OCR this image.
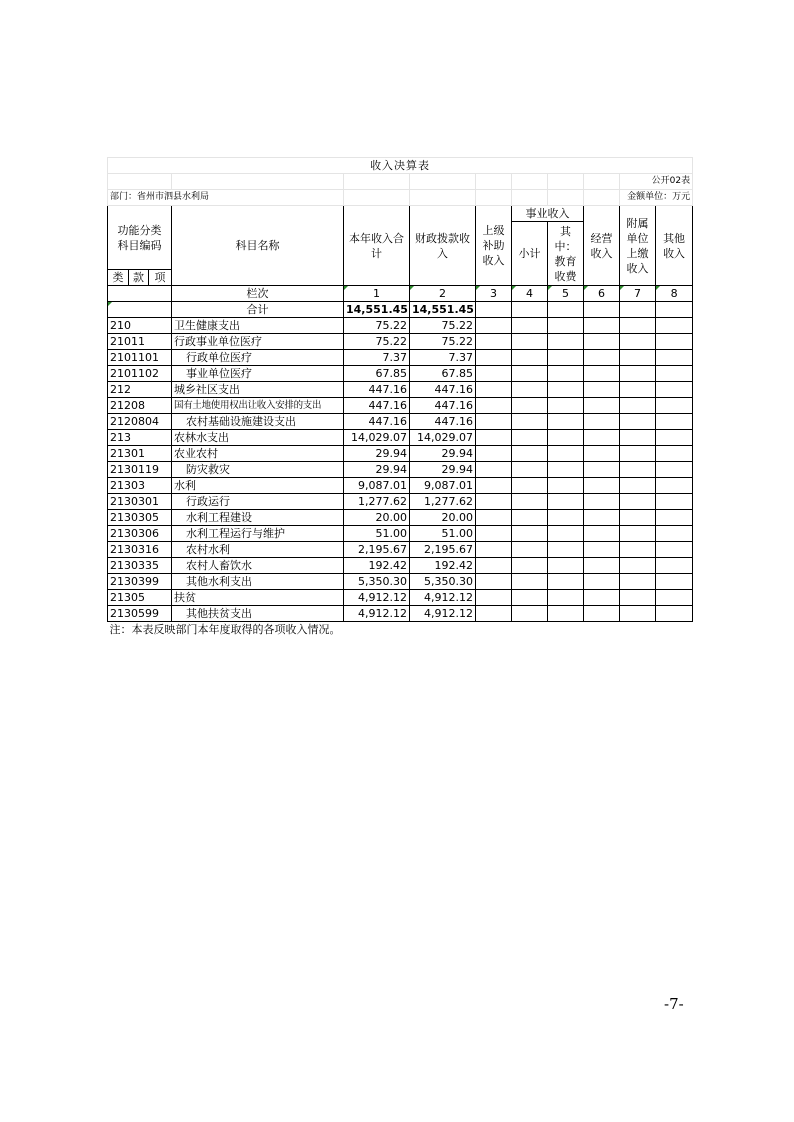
收入决算表											
										公开02表	
部门：省州市泗县水利局										金额单位：万元	
功能分类科目编码			科目名称	本年收入合计	财政拨款收入	上级补助收入	事业收入		经营收入	附属单位上缴收入	其他收入
							小计	其中：教育收费			
类	款	项									
			栏次	1	2	3	4	5	6	7	8
			合计	14,551.45	14,551.45						
210			卫生健康支出	75.22	75.22						
21011			行政事业单位医疗	75.22	75.22						
2101101			行政单位医疗	7.37	7.37						
2101102			事业单位医疗	67.85	67.85						
212			城乡社区支出	447.16	447.16						
21208			国有土地使用权出让收入安排的支出	447.16	447.16						
2120804			农村基础设施建设支出	447.16	447.16						
213			农林水支出	14,029.07	14,029.07						
21301			农业农村	29.94	29.94						
2130119			防灾救灾	29.94	29.94						
21303			水利	9,087.01	9,087.01						
2130301			行政运行	1,277.62	1,277.62						
2130305			水利工程建设	20.00	20.00						
2130306			水利工程运行与维护	51.00	51.00						
2130316			农村水利	2,195.67	2,195.67						
2130335			农村人畜饮水	192.42	192.42						
2130399			其他水利支出	5,350.30	5,350.30						
21305			扶贫	4,912.12	4,912.12						
2130599			其他扶贫支出	4,912.12	4,912.12						
注：本表反映部门本年度取得的各项收入情况。											
-7-
